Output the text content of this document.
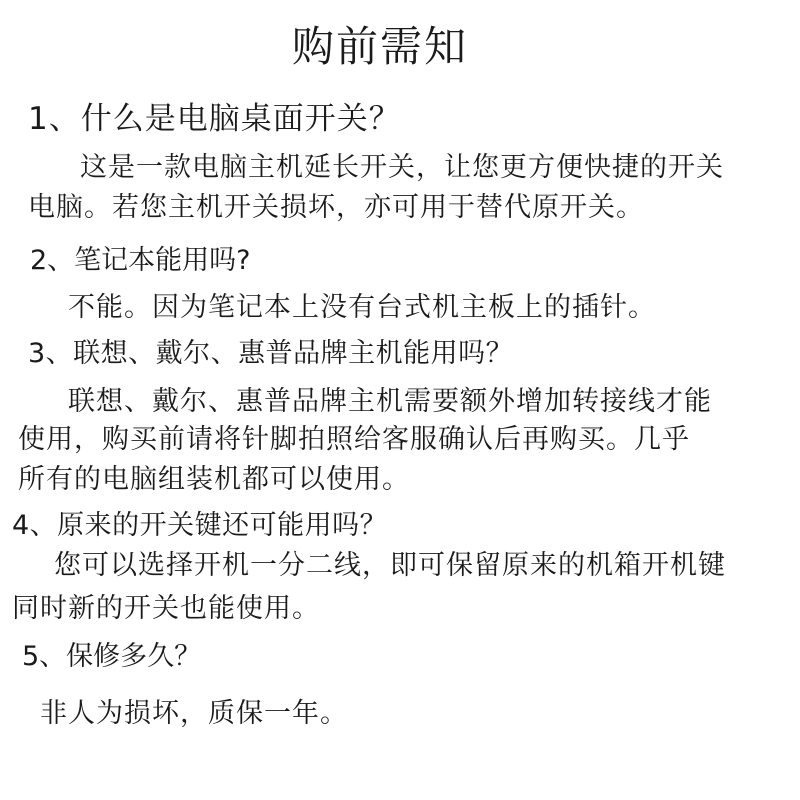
购前需知

1、什么是电脑桌面开关？

这是一款电脑主机延长开关，让您更方便快捷的开关

电脑。若您主机开关损坏，亦可用于替代原开关。

2、笔记本能用吗?

不能。因为笔记本上没有台式机主板上的插针。

3、联想、戴尔、惠普品牌主机能用吗？

联想、戴尔、惠普品牌主机需要额外增加转接线才能

使用，购买前请将针脚拍照给客服确认后再购买。几乎

所有的电脑组装机都可以使用。

4、原来的开关键还可能用吗？

您可以选择开机一分二线，即可保留原来的机箱开机键

同时新的开关也能使用。

5、保修多久？

非人为损坏，质保一年。
